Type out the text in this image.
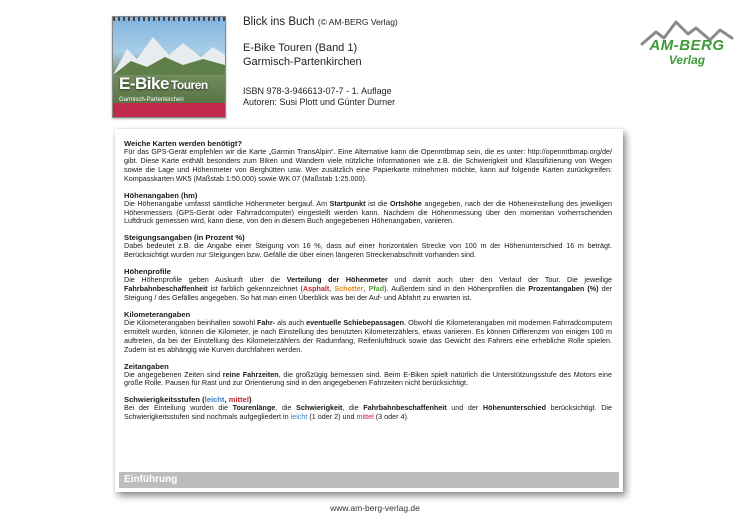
E-Bike Touren
Garmisch-Partenkirchen
Blick ins Buch (© AM-BERG Verlag)
E-Bike Touren (Band 1)
Garmisch-Partenkirchen
ISBN 978-3-946613-07-7 - 1. Auflage
Autoren: Susi Plott und Günter Durner
AM-BERG
Verlag
Weiche Karten werden benötigt?

Für das GPS-Gerät empfehlen wir die Karte „Garmin TransAlpin“. Eine Alternative kann die Openmtbmap sein, die es unter: http://openmtbmap.org/de/ gibt. Diese Karte enthält besonders zum Biken und Wandern viele nützliche Informationen wie z.B. die Schwierigkeit und Klassifizierung von Wegen sowie die Lage und Höhenmeter von Berghütten usw. Wer zusätzlich eine Papierkarte mitnehmen möchte, kann auf folgende Karten zurückgreifen: Kompasskarten WK5 (Maßstab 1:50.000) sowie WK 07 (Maßstab 1:25.000).

Höhenangaben (hm)

Die Höhenangabe umfasst sämtliche Höhenmeter bergauf. Am Startpunkt ist die Ortshöhe angegeben, nach der die Höheneinstellung des jeweiligen Höhenmessers (GPS-Gerät oder Fahrradcomputer) eingestellt werden kann. Nachdem die Höhenmessung über den momentan vorherrschenden Luftdruck gemessen wird, kann diese, von den in diesem Buch angegebenen Höhenangaben, variieren.

Steigungsangaben (in Prozent %)

Dabei bedeutet z.B. die Angabe einer Steigung von 16 %, dass auf einer horizontalen Strecke von 100 m der Höhenunterschied 16 m beträgt. Berücksichtigt wurden nur Steigungen bzw. Gefälle die über einen längeren Streckenabschnitt vorhanden sind.

Höhenprofile

Die Höhenprofile geben Auskunft über die Verteilung der Höhenmeter und damit auch über den Verlauf der Tour. Die jeweilige Fahrbahnbeschaffenheit ist farblich gekennzeichnet (Asphalt, Schotter, Pfad). Außerdem sind in den Höhenprofilen die Prozentangaben (%) der Steigung / des Gefälles angegeben. So hat man einen Überblick was bei der Auf- und Abfahrt zu erwarten ist.

Kilometerangaben

Die Kilometerangaben beinhalten sowohl Fahr- als auch eventuelle Schiebepassagen. Obwohl die Kilometerangaben mit modernen Fahrradcomputern ermittelt wurden, können die Kilometer, je nach Einstellung des benutzten Kilometerzählers, etwas variieren. Es können Differenzen von einigen 100 m auftreten, da bei der Einstellung des Kilometerzählers der Radumfang, Reifenluftdruck sowie das Gewicht des Fahrers eine erhebliche Rolle spielen. Zudem ist es abhängig wie Kurven durchfahren werden.

Zeitangaben

Die angegebenen Zeiten sind reine Fahrzeiten, die großzügig bemessen sind. Beim E-Biken spielt natürlich die Unterstützungsstufe des Motors eine große Rolle. Pausen für Rast und zur Orientierung sind in den angegebenen Fahrzeiten nicht berücksichtigt.

Schwierigkeitsstufen (leicht, mittel)

Bei der Einteilung wurden die Tourenlänge, die Schwierigkeit, die Fahrbahnbeschaffenheit und der Höhenunterschied berücksichtigt. Die Schwierigkeitsstufen sind nochmals aufgegliedert in leicht (1 oder 2) und mittel (3 oder 4).

Einführung
www.am-berg-verlag.de
